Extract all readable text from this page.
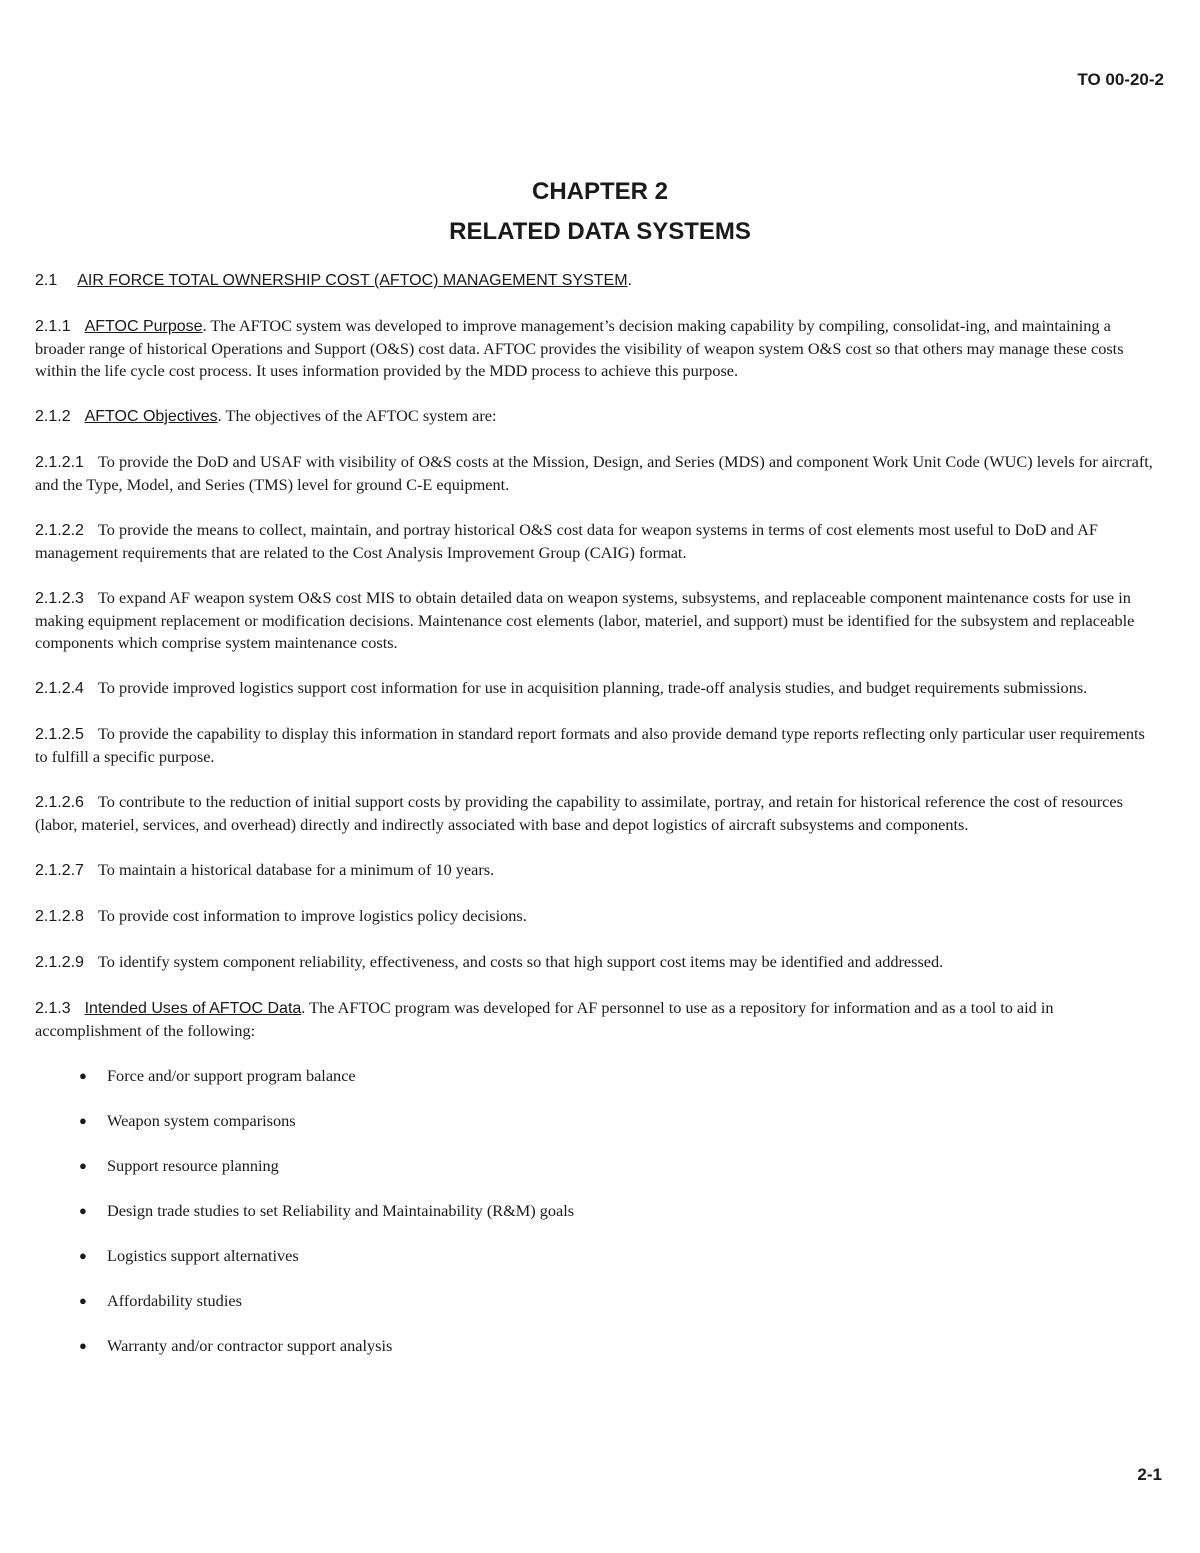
TO 00-20-2
CHAPTER 2
RELATED DATA SYSTEMS
2.1 AIR FORCE TOTAL OWNERSHIP COST (AFTOC) MANAGEMENT SYSTEM.

2.1.1 AFTOC Purpose. The AFTOC system was developed to improve management’s decision making capability by compiling, consolidat-ing, and maintaining a broader range of historical Operations and Support (O&S) cost data. AFTOC provides the visibility of weapon system O&S cost so that others may manage these costs within the life cycle cost process. It uses information provided by the MDD process to achieve this purpose.

2.1.2 AFTOC Objectives. The objectives of the AFTOC system are:

2.1.2.1 To provide the DoD and USAF with visibility of O&S costs at the Mission, Design, and Series (MDS) and component Work Unit Code (WUC) levels for aircraft, and the Type, Model, and Series (TMS) level for ground C-E equipment.

2.1.2.2 To provide the means to collect, maintain, and portray historical O&S cost data for weapon systems in terms of cost elements most useful to DoD and AF management requirements that are related to the Cost Analysis Improvement Group (CAIG) format.

2.1.2.3 To expand AF weapon system O&S cost MIS to obtain detailed data on weapon systems, subsystems, and replaceable component maintenance costs for use in making equipment replacement or modification decisions. Maintenance cost elements (labor, materiel, and support) must be identified for the subsystem and replaceable components which comprise system maintenance costs.

2.1.2.4 To provide improved logistics support cost information for use in acquisition planning, trade-off analysis studies, and budget requirements submissions.

2.1.2.5 To provide the capability to display this information in standard report formats and also provide demand type reports reflecting only particular user requirements to fulfill a specific purpose.

2.1.2.6 To contribute to the reduction of initial support costs by providing the capability to assimilate, portray, and retain for historical reference the cost of resources (labor, materiel, services, and overhead) directly and indirectly associated with base and depot logistics of aircraft subsystems and components.

2.1.2.7 To maintain a historical database for a minimum of 10 years.

2.1.2.8 To provide cost information to improve logistics policy decisions.

2.1.2.9 To identify system component reliability, effectiveness, and costs so that high support cost items may be identified and addressed.

2.1.3 Intended Uses of AFTOC Data. The AFTOC program was developed for AF personnel to use as a repository for information and as a tool to aid in accomplishment of the following:

● Force and/or support program balance
● Weapon system comparisons
● Support resource planning
● Design trade studies to set Reliability and Maintainability (R&M) goals
● Logistics support alternatives
● Affordability studies
● Warranty and/or contractor support analysis
2-1
